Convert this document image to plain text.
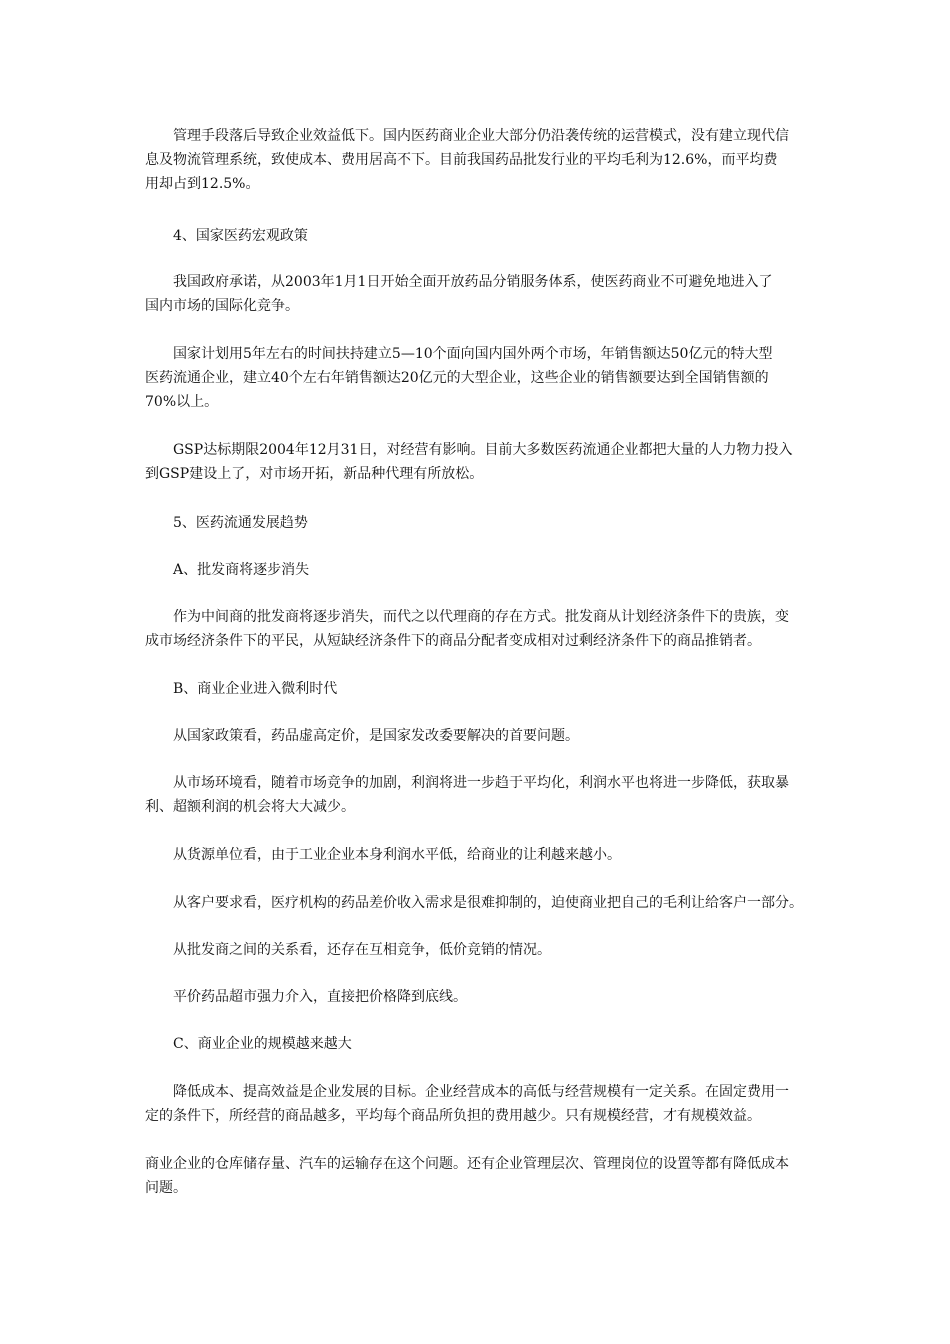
　　管理手段落后导致企业效益低下。国内医药商业企业大部分仍沿袭传统的运营模式，没有建立现代信
息及物流管理系统，致使成本、费用居高不下。目前我国药品批发行业的平均毛利为12.6%，而平均费
用却占到12.5%。
　　4、国家医药宏观政策
　　我国政府承诺，从2003年1月1日开始全面开放药品分销服务体系，使医药商业不可避免地进入了
国内市场的国际化竞争。
　　国家计划用5年左右的时间扶持建立5—10个面向国内国外两个市场，年销售额达50亿元的特大型
医药流通企业，建立40个左右年销售额达20亿元的大型企业，这些企业的销售额要达到全国销售额的
70%以上。
　　GSP达标期限2004年12月31日，对经营有影响。目前大多数医药流通企业都把大量的人力物力投入
到GSP建设上了，对市场开拓，新品种代理有所放松。
　　5、医药流通发展趋势
　　A、批发商将逐步消失
　　作为中间商的批发商将逐步消失，而代之以代理商的存在方式。批发商从计划经济条件下的贵族，变
成市场经济条件下的平民，从短缺经济条件下的商品分配者变成相对过剩经济条件下的商品推销者。
　　B、商业企业进入微利时代
　　从国家政策看，药品虚高定价，是国家发改委要解决的首要问题。
　　从市场环境看，随着市场竞争的加剧，利润将进一步趋于平均化，利润水平也将进一步降低，获取暴
利、超额利润的机会将大大减少。
　　从货源单位看，由于工业企业本身利润水平低，给商业的让利越来越小。
　　从客户要求看，医疗机构的药品差价收入需求是很难抑制的，迫使商业把自己的毛利让给客户一部分。
　　从批发商之间的关系看，还存在互相竞争，低价竞销的情况。
　　平价药品超市强力介入，直接把价格降到底线。
　　C、商业企业的规模越来越大
　　降低成本、提高效益是企业发展的目标。企业经营成本的高低与经营规模有一定关系。在固定费用一
定的条件下，所经营的商品越多，平均每个商品所负担的费用越少。只有规模经营，才有规模效益。
商业企业的仓库储存量、汽车的运输存在这个问题。还有企业管理层次、管理岗位的设置等都有降低成本
问题。
